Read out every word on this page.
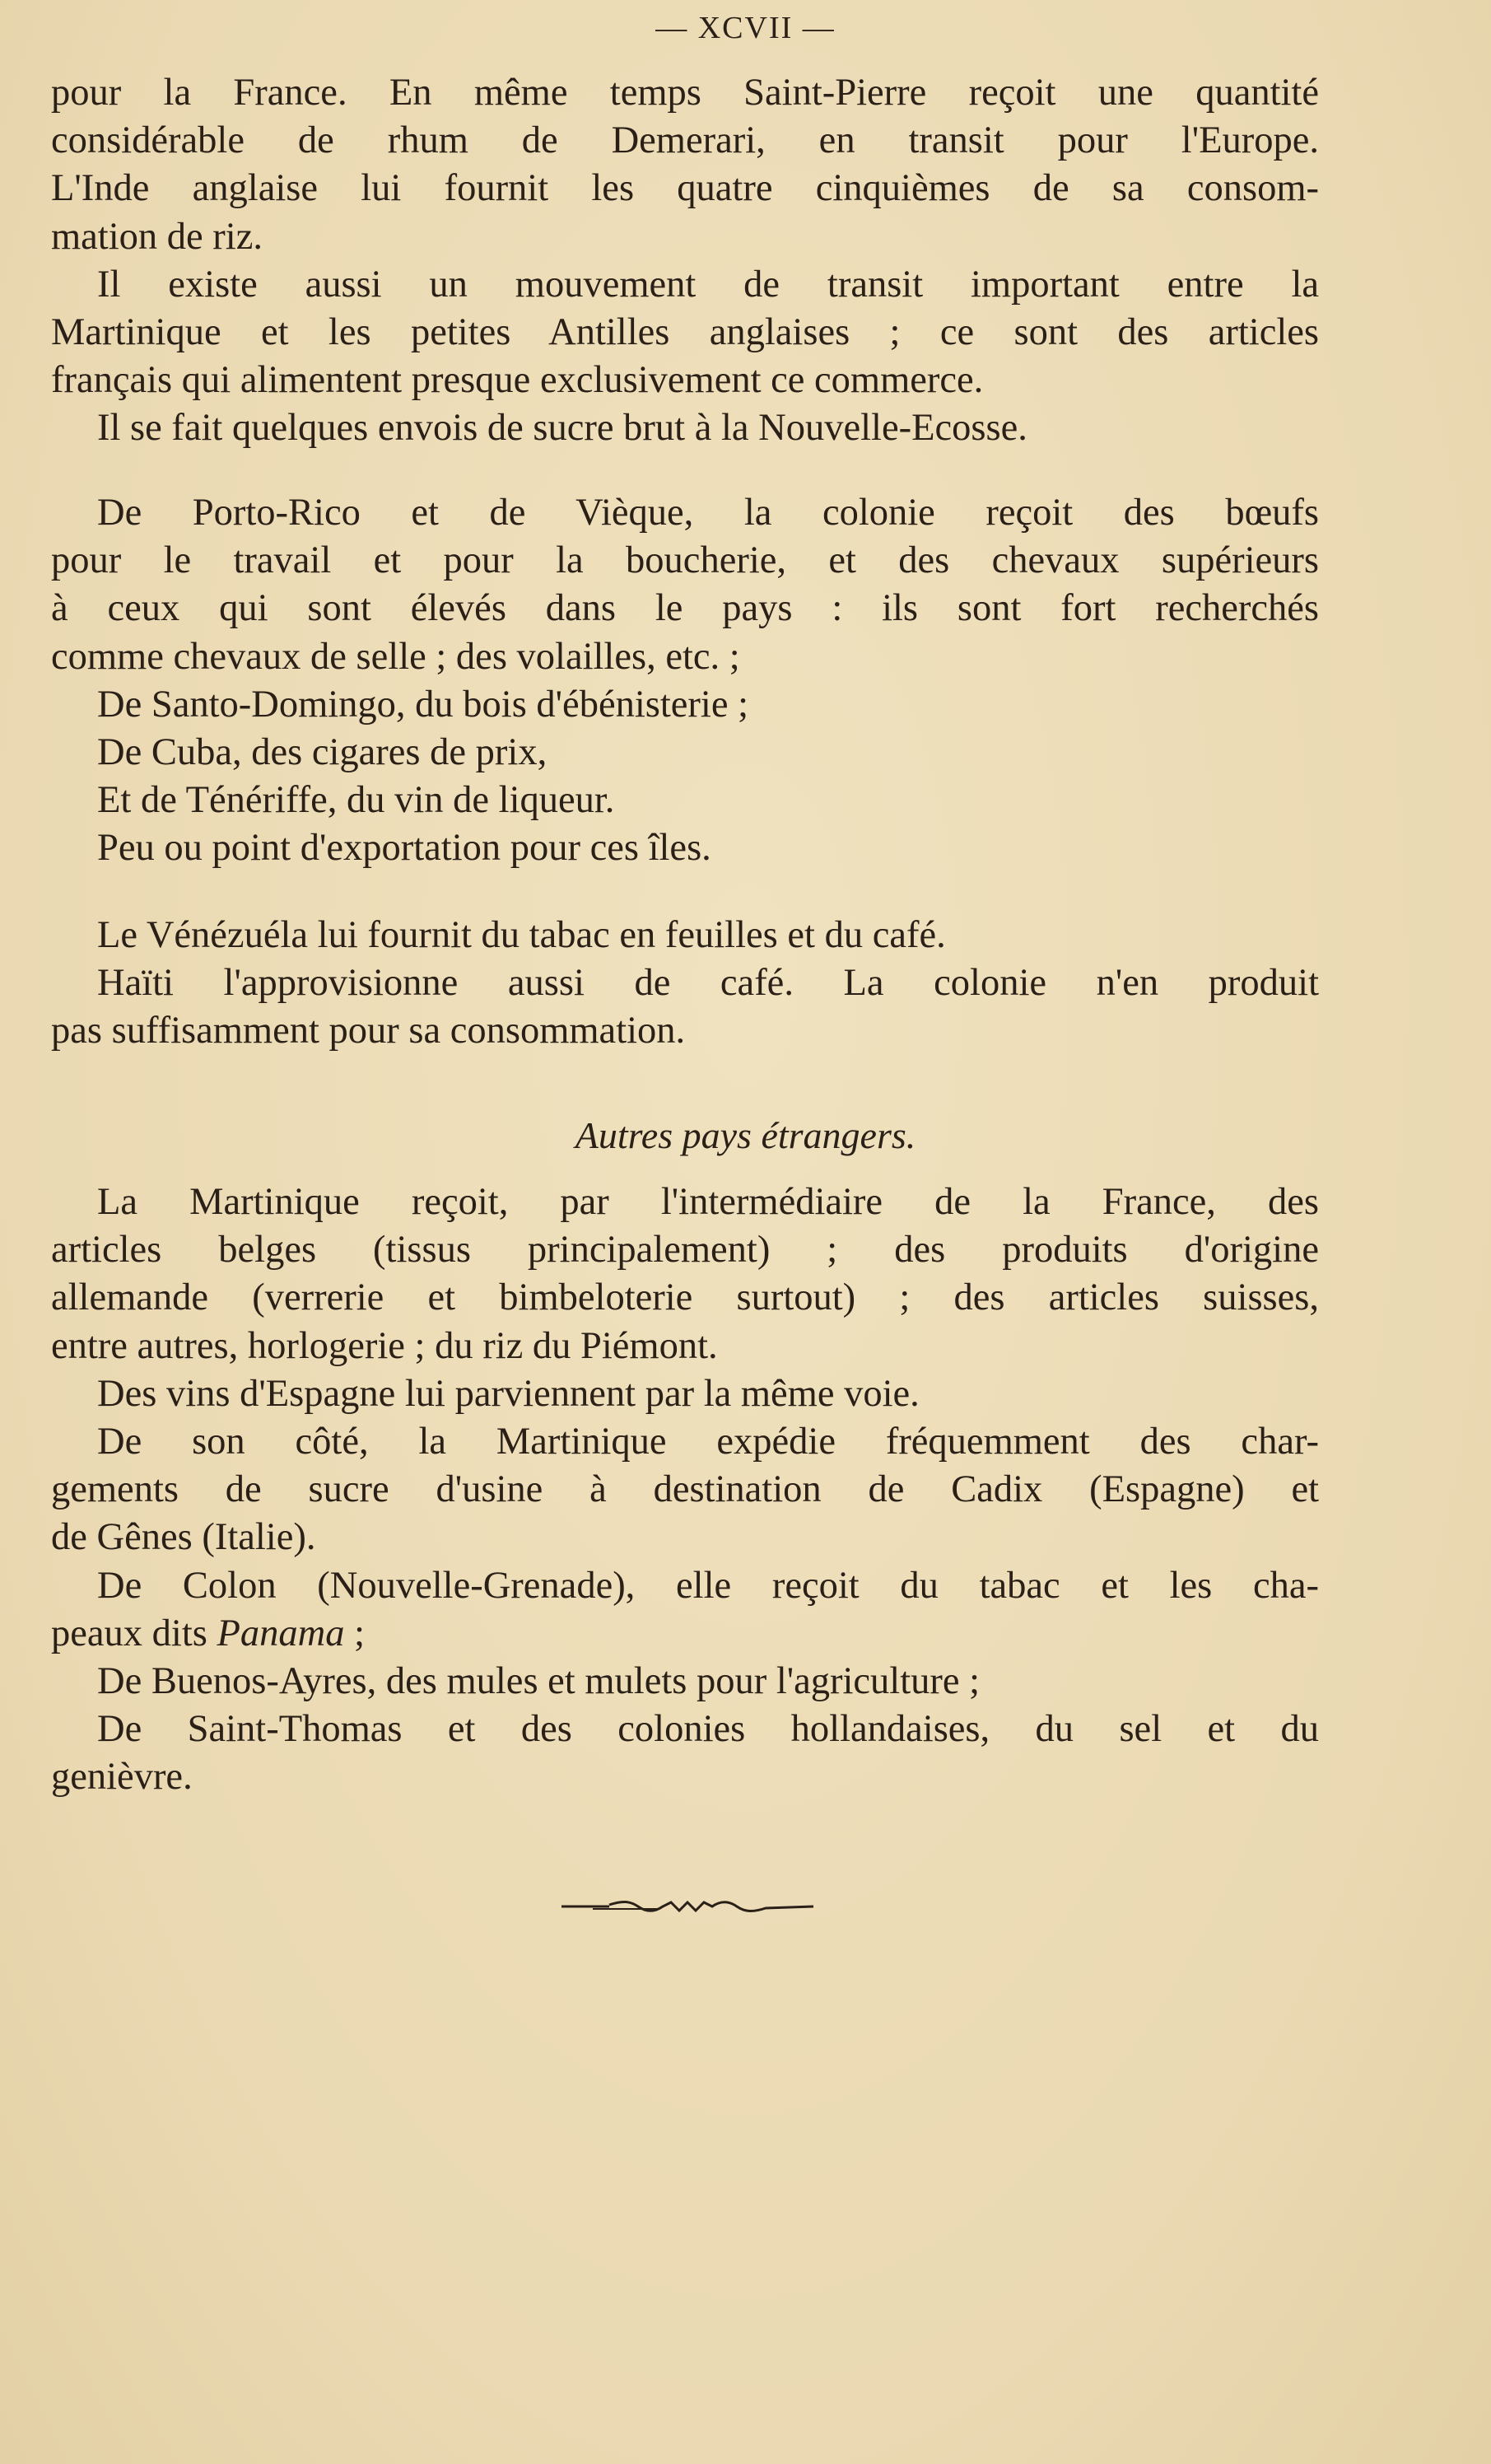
— XCVII —
pour la France. En même temps Saint-Pierre reçoit une quantité
considérable de rhum de Demerari, en transit pour l'Europe.
L'Inde anglaise lui fournit les quatre cinquièmes de sa consom-
mation de riz.
Il existe aussi un mouvement de transit important entre la
Martinique et les petites Antilles anglaises ; ce sont des articles
français qui alimentent presque exclusivement ce commerce.
Il se fait quelques envois de sucre brut à la Nouvelle-Ecosse.
De Porto-Rico et de Vièque, la colonie reçoit des bœufs
pour le travail et pour la boucherie, et des chevaux supérieurs
à ceux qui sont élevés dans le pays : ils sont fort recherchés
comme chevaux de selle ; des volailles, etc. ;
De Santo-Domingo, du bois d'ébénisterie ;
De Cuba, des cigares de prix,
Et de Ténériffe, du vin de liqueur.
Peu ou point d'exportation pour ces îles.
Le Vénézuéla lui fournit du tabac en feuilles et du café.
Haïti l'approvisionne aussi de café. La colonie n'en produit
pas suffisamment pour sa consommation.
Autres pays étrangers.
La Martinique reçoit, par l'intermédiaire de la France, des
articles belges (tissus principalement) ; des produits d'origine
allemande (verrerie et bimbeloterie surtout) ; des articles suisses,
entre autres, horlogerie ; du riz du Piémont.
Des vins d'Espagne lui parviennent par la même voie.
De son côté, la Martinique expédie fréquemment des char-
gements de sucre d'usine à destination de Cadix (Espagne) et
de Gênes (Italie).
De Colon (Nouvelle-Grenade), elle reçoit du tabac et les cha-
peaux dits Panama ;
De Buenos-Ayres, des mules et mulets pour l'agriculture ;
De Saint-Thomas et des colonies hollandaises, du sel et du
genièvre.
